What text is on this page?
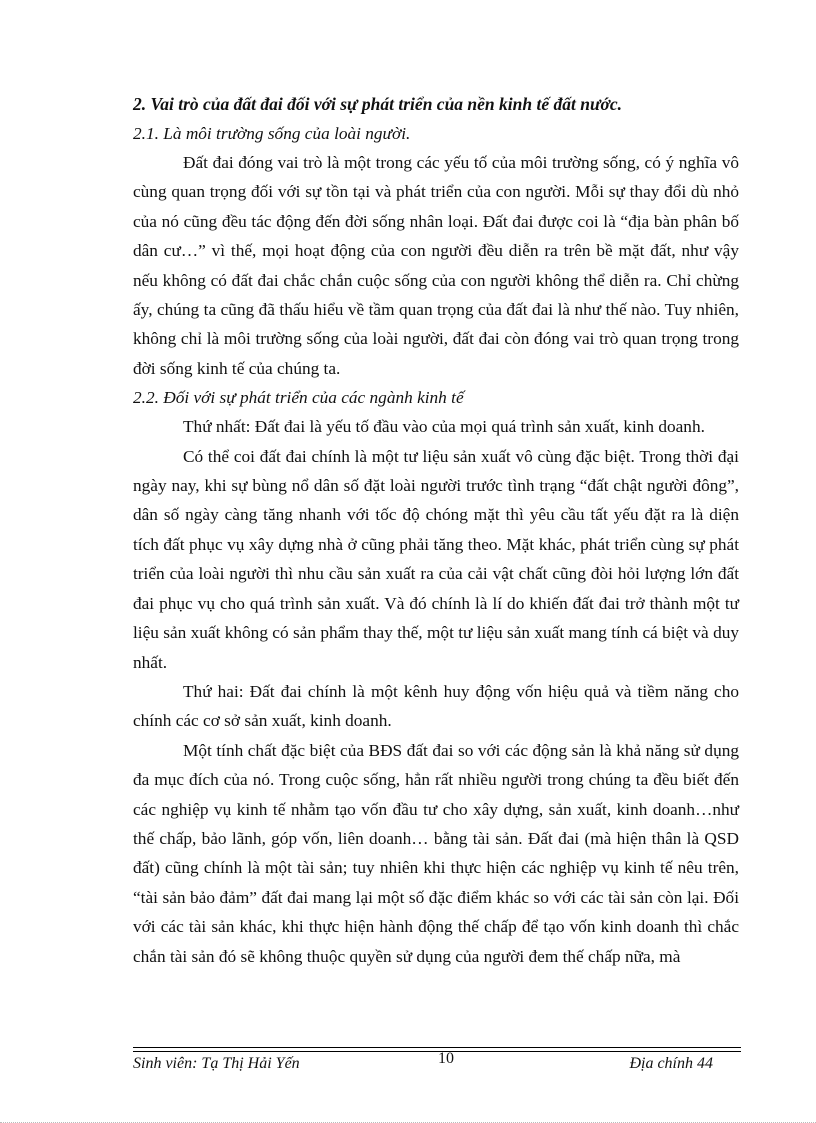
2. Vai trò của đất đai đối với sự phát triển của nền kinh tế đất nước.
2.1. Là môi trường sống của loài người.

Đất đai đóng vai trò là một trong các yếu tố của môi trường sống, có ý nghĩa vô cùng quan trọng đối với sự tồn tại và phát triển của con người. Mỗi sự thay đổi dù nhỏ của nó cũng đều tác động đến đời sống nhân loại. Đất đai được coi là “địa bàn phân bố dân cư…” vì thế, mọi hoạt động của con người đều diễn ra trên bề mặt đất, như vậy nếu không có đất đai chắc chắn cuộc sống của con người không thể diễn ra. Chỉ chừng ấy, chúng ta cũng đã thấu hiểu về tầm quan trọng của đất đai là như thế nào. Tuy nhiên, không chỉ là môi trường sống của loài người, đất đai còn đóng vai trò quan trọng trong đời sống kinh tế của chúng ta.

2.2. Đối với sự phát triển của các ngành kinh tế

Thứ nhất: Đất đai là yếu tố đầu vào của mọi quá trình sản xuất, kinh doanh.

Có thể coi đất đai chính là một tư liệu sản xuất vô cùng đặc biệt. Trong thời đại ngày nay, khi sự bùng nổ dân số đặt loài người trước tình trạng “đất chật người đông”, dân số ngày càng tăng nhanh với tốc độ chóng mặt thì yêu cầu tất yếu đặt ra là diện tích đất phục vụ xây dựng nhà ở cũng phải tăng theo. Mặt khác, phát triển cùng sự phát triển của loài người thì nhu cầu sản xuất ra của cải vật chất cũng đòi hỏi lượng lớn đất đai phục vụ cho quá trình sản xuất. Và đó chính là lí do khiến đất đai trở thành một tư liệu sản xuất không có sản phẩm thay thế, một tư liệu sản xuất mang tính cá biệt và duy nhất.

Thứ hai: Đất đai chính là một kênh huy động vốn hiệu quả và tiềm năng cho chính các cơ sở sản xuất, kinh doanh.

Một tính chất đặc biệt của BĐS đất đai so với các động sản là khả năng sử dụng đa mục đích của nó. Trong cuộc sống, hẳn rất nhiều người trong chúng ta đều biết đến các nghiệp vụ kinh tế nhằm tạo vốn đầu tư cho xây dựng, sản xuất, kinh doanh…như thế chấp, bảo lãnh, góp vốn, liên doanh… bằng tài sản. Đất đai (mà hiện thân là QSD đất) cũng chính là một tài sản; tuy nhiên khi thực hiện các nghiệp vụ kinh tế nêu trên, “tài sản bảo đảm” đất đai mang lại một số đặc điểm khác so với các tài sản còn lại. Đối với các tài sản khác, khi thực hiện hành động thế chấp để tạo vốn kinh doanh thì chắc chắn tài sản đó sẽ không thuộc quyền sử dụng của người đem thế chấp nữa, mà

Sinh viên: Tạ Thị Hải Yến	10	Địa chính 44
